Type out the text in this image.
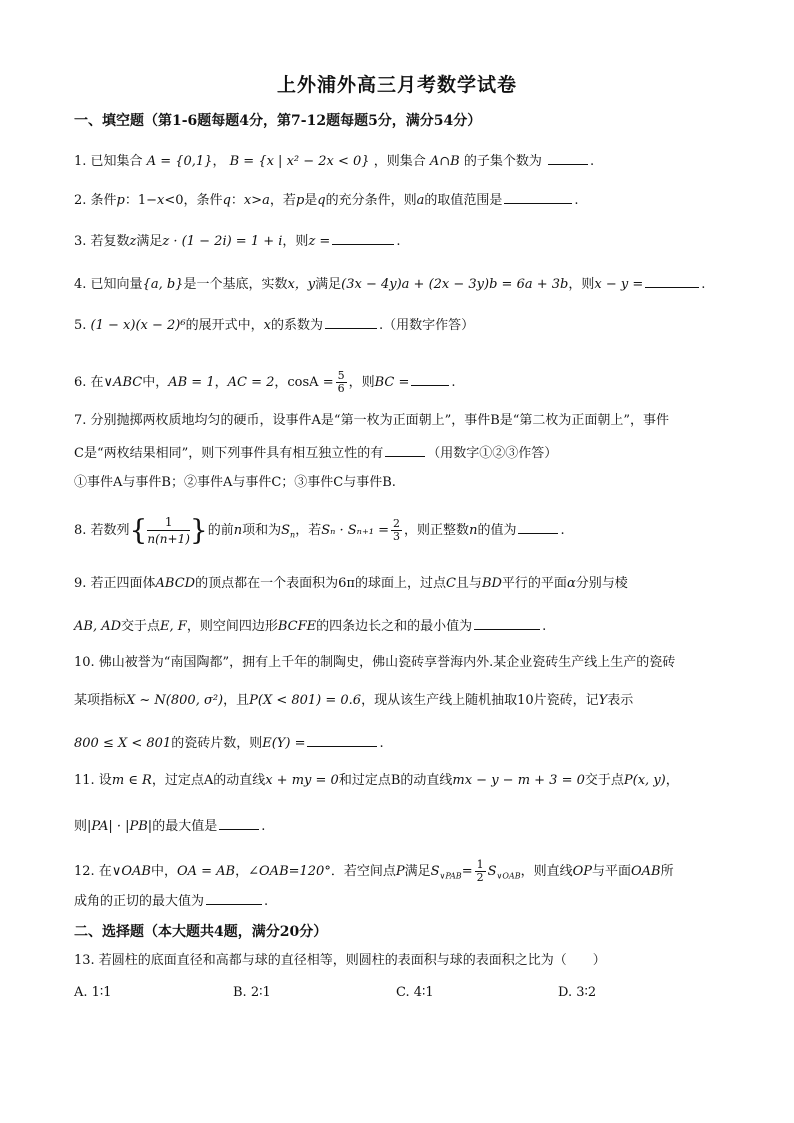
上外浦外高三月考数学试卷
一、填空题（第1-6题每题4分，第7-12题每题5分，满分54分）
1. 已知集合 A = {0,1}， B = {x | x² − 2x < 0} ，则集合 A∩B 的子集个数为	.
2. 条件p：1−x<0，条件q：x>a，若p是q的充分条件，则a的取值范围是	.
3. 若复数z满足z · (1 − 2i) = 1 + i，则z =	.
4. 已知向量{a, b}是一个基底，实数x，y满足(3x − 4y)a + (2x − 3y)b = 6a + 3b，则x − y =	.
5. (1 − x)(x − 2)⁶的展开式中，x的系数为	.（用数字作答）
6. 在∨ABC中，AB = 1，AC = 2，$\cos A = \frac{5}{6}$ ，则BC =	.
7. 分别抛掷两枚质地均匀的硬币，设事件A是“第一枚为正面朝上”，事件B是“第二枚为正面朝上”，事件
C是“两枚结果相同”，则下列事件具有相互独立性的有	（用数字①②③作答）
①事件A与事件B；②事件A与事件C；③事件C与事件B.
8. 若数列{ $\frac{1}{n(n+1)}$ }的前n项和为$S_n$，若$S_n \cdot S_{n+1} = \frac{2}{3}$ ，则正整数n的值为	.
9. 若正四面体ABCD的顶点都在一个表面积为6π的球面上，过点C且与BD平行的平面α分别与棱
AB, AD交于点E, F，则空间四边形BCFE的四条边长之和的最小值为	.
10. 佛山被誉为“南国陶都”，拥有上千年的制陶史，佛山瓷砖享誉海内外.某企业瓷砖生产线上生产的瓷砖
某项指标X ~ N(800, σ²)，且P(X < 801) = 0.6，现从该生产线上随机抽取10片瓷砖，记Y表示
800 ≤ X < 801的瓷砖片数，则E(Y) =	.
11. 设m ∈ R，过定点A的动直线x + my = 0和过定点B的动直线mx − y − m + 3 = 0交于点P(x, y)，
则|PA| · |PB|的最大值是	.
12. 在∨OAB中，OA = AB，∠OAB=120°．若空间点P满足$S_{\vee PAB}= \frac{1}{2} S_{\vee OAB}$，则直线OP与平面OAB所
成角的正切的最大值为	.
二、选择题（本大题共4题，满分20分）
13. 若圆柱的底面直径和高都与球的直径相等，则圆柱的表面积与球的表面积之比为（　　）
A. 1∶1	B. 2∶1	C. 4∶1	D. 3∶2
